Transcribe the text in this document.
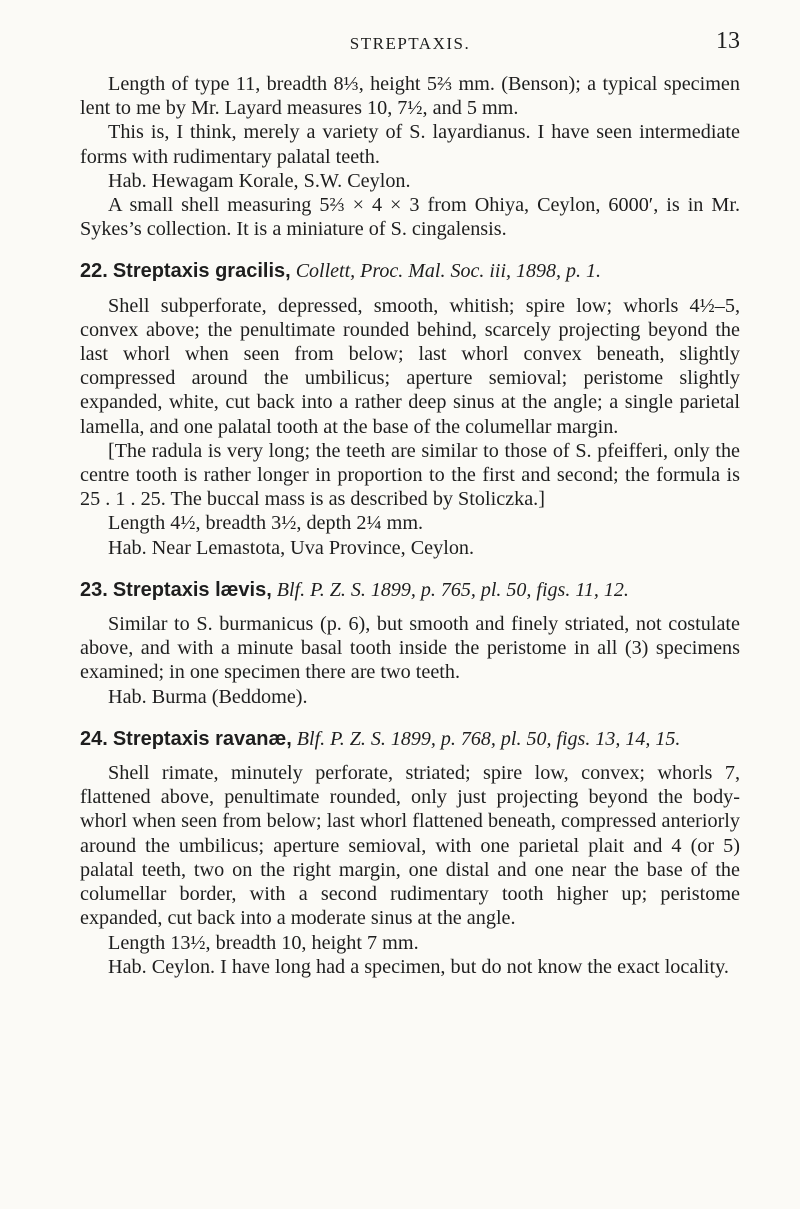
STREPTAXIS.	13

Length of type 11, breadth 8⅓, height 5⅔ mm. (Benson); a typical specimen lent to me by Mr. Layard measures 10, 7½, and 5 mm.

This is, I think, merely a variety of S. layardianus. I have seen intermediate forms with rudimentary palatal teeth.

Hab. Hewagam Korale, S.W. Ceylon.

A small shell measuring 5⅔ × 4 × 3 from Ohiya, Ceylon, 6000′, is in Mr. Sykes’s collection. It is a miniature of S. cingalensis.

22. Streptaxis gracilis, Collett, Proc. Mal. Soc. iii, 1898, p. 1.

Shell subperforate, depressed, smooth, whitish; spire low; whorls 4½–5, convex above; the penultimate rounded behind, scarcely projecting beyond the last whorl when seen from below; last whorl convex beneath, slightly compressed around the umbilicus; aperture semioval; peristome slightly expanded, white, cut back into a rather deep sinus at the angle; a single parietal lamella, and one palatal tooth at the base of the columellar margin.

[The radula is very long; the teeth are similar to those of S. pfeifferi, only the centre tooth is rather longer in proportion to the first and second; the formula is 25 . 1 . 25. The buccal mass is as described by Stoliczka.]

Length 4½, breadth 3½, depth 2¼ mm.

Hab. Near Lemastota, Uva Province, Ceylon.

23. Streptaxis lævis, Blf. P. Z. S. 1899, p. 765, pl. 50, figs. 11, 12.

Similar to S. burmanicus (p. 6), but smooth and finely striated, not costulate above, and with a minute basal tooth inside the peristome in all (3) specimens examined; in one specimen there are two teeth.

Hab. Burma (Beddome).

24. Streptaxis ravanæ, Blf. P. Z. S. 1899, p. 768, pl. 50, figs. 13, 14, 15.

Shell rimate, minutely perforate, striated; spire low, convex; whorls 7, flattened above, penultimate rounded, only just projecting beyond the body-whorl when seen from below; last whorl flattened beneath, compressed anteriorly around the umbilicus; aperture semioval, with one parietal plait and 4 (or 5) palatal teeth, two on the right margin, one distal and one near the base of the columellar border, with a second rudimentary tooth higher up; peristome expanded, cut back into a moderate sinus at the angle.

Length 13½, breadth 10, height 7 mm.

Hab. Ceylon. I have long had a specimen, but do not know the exact locality.
